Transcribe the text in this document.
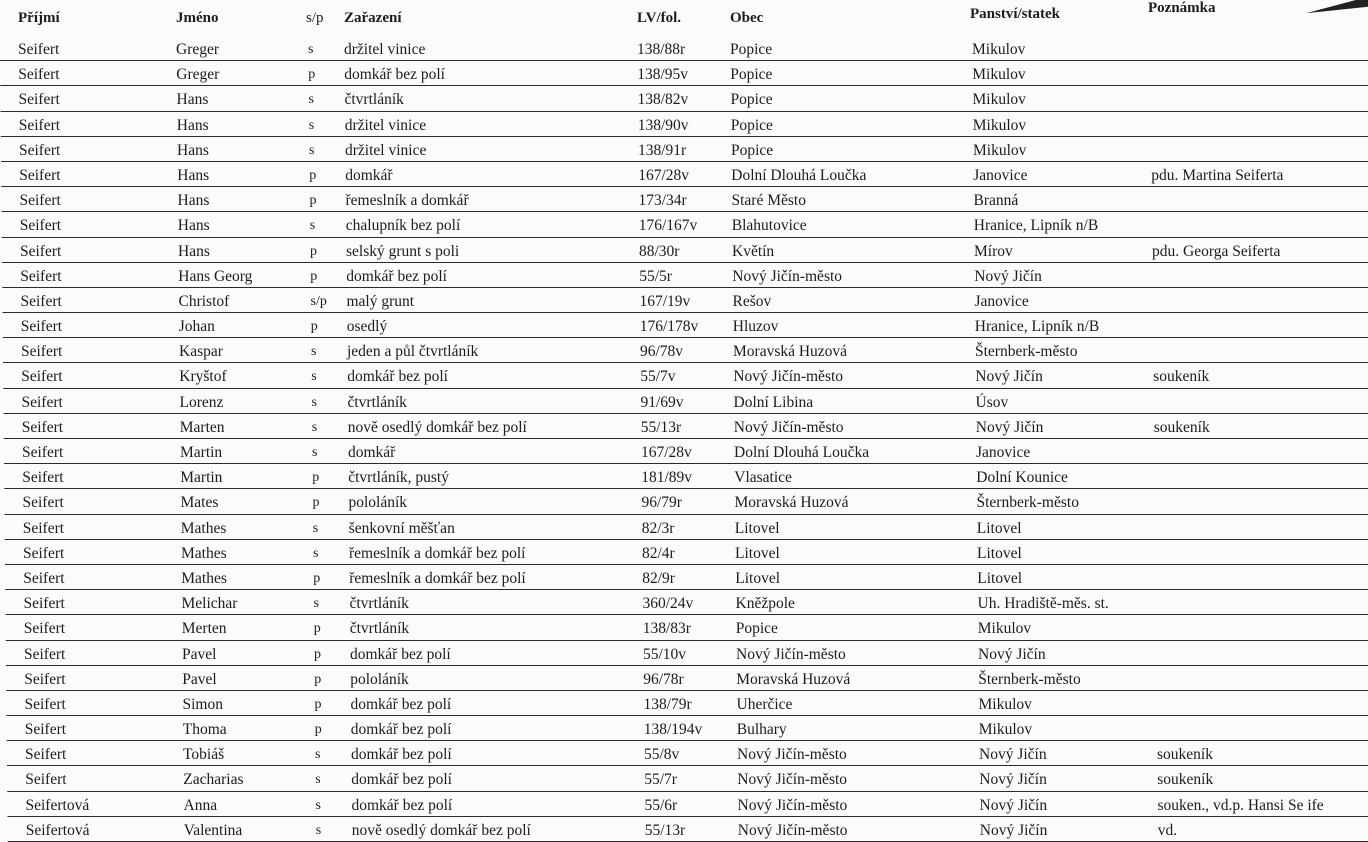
Příjmí	Jméno	s/p Zařazení	LV/fol.	Obec	Panství/statek	Poznámka
Seifert	Greger	s držitel vinice	138/88r	Popice	Mikulov
Seifert	Greger	p domkář bez polí	138/95v	Popice	Mikulov
Seifert	Hans	s čtvrtláník	138/82v	Popice	Mikulov
Seifert	Hans	s držitel vinice	138/90v	Popice	Mikulov
Seifert	Hans	s držitel vinice	138/91r	Popice	Mikulov
Seifert	Hans	p domkář	167/28v	Dolní Dlouhá Loučka	Janovice	pdu. Martina Seiferta
Seifert	Hans	p řemeslník a domkář	173/34r	Staré Město	Branná
Seifert	Hans	s chalupník bez polí	176/167v Blahutovice	Hranice, Lipník n/B
Seifert	Hans	p selský grunt s poli	88/30r	Květín	Mírov	pdu. Georga Seiferta
Seifert	Hans Georg	p domkář bez polí	55/5r	Nový Jičín-město	Nový Jičín
Seifert	Christof	s/p malý grunt	167/19v	Rešov	Janovice
Seifert	Johan	p osedlý	176/178v Hluzov	Hranice, Lipník n/B
Seifert	Kaspar	s jeden a půl čtvrtláník	96/78v	Moravská Huzová	Šternberk-město
Seifert	Kryštof	s domkář bez polí	55/7v	Nový Jičín-město	Nový Jičín	soukeník
Seifert	Lorenz	s čtvrtláník	91/69v	Dolní Libina	Úsov
Seifert	Marten	s nově osedlý domkář bez polí	55/13r	Nový Jičín-město	Nový Jičín	soukeník
Seifert	Martin	s domkář	167/28v	Dolní Dlouhá Loučka	Janovice
Seifert	Martin	p čtvrtláník, pustý	181/89v	Vlasatice	Dolní Kounice
Seifert	Mates	p pololáník	96/79r	Moravská Huzová	Šternberk-město
Seifert	Mathes	s šenkovní měšťan	82/3r	Litovel	Litovel
Seifert	Mathes	s řemeslník a domkář bez polí	82/4r	Litovel	Litovel
Seifert	Mathes	p řemeslník a domkář bez polí	82/9r	Litovel	Litovel
Seifert	Melichar	s čtvrtláník	360/24v	Kněžpole	Uh. Hradiště-měs. st.
Seifert	Merten	p čtvrtláník	138/83r	Popice	Mikulov
Seifert	Pavel	p domkář bez polí	55/10v	Nový Jičín-město	Nový Jičín
Seifert	Pavel	p pololáník	96/78r	Moravská Huzová	Šternberk-město
Seifert	Simon	p domkář bez polí	138/79r	Uherčice	Mikulov
Seifert	Thoma	p domkář bez polí	138/194v Bulhary	Mikulov
Seifert	Tobiáš	s domkář bez polí	55/8v	Nový Jičín-město	Nový Jičín	soukeník
Seifert	Zacharias	s domkář bez polí	55/7r	Nový Jičín-město	Nový Jičín	soukeník
Seifertová	Anna	s domkář bez polí	55/6r	Nový Jičín-město	Nový Jičín	souken., vd.p. Hansi Se ife
Seifertová	Valentina	s nově osedlý domkář bez polí	55/13r	Nový Jičín-město	Nový Jičín	vd.
